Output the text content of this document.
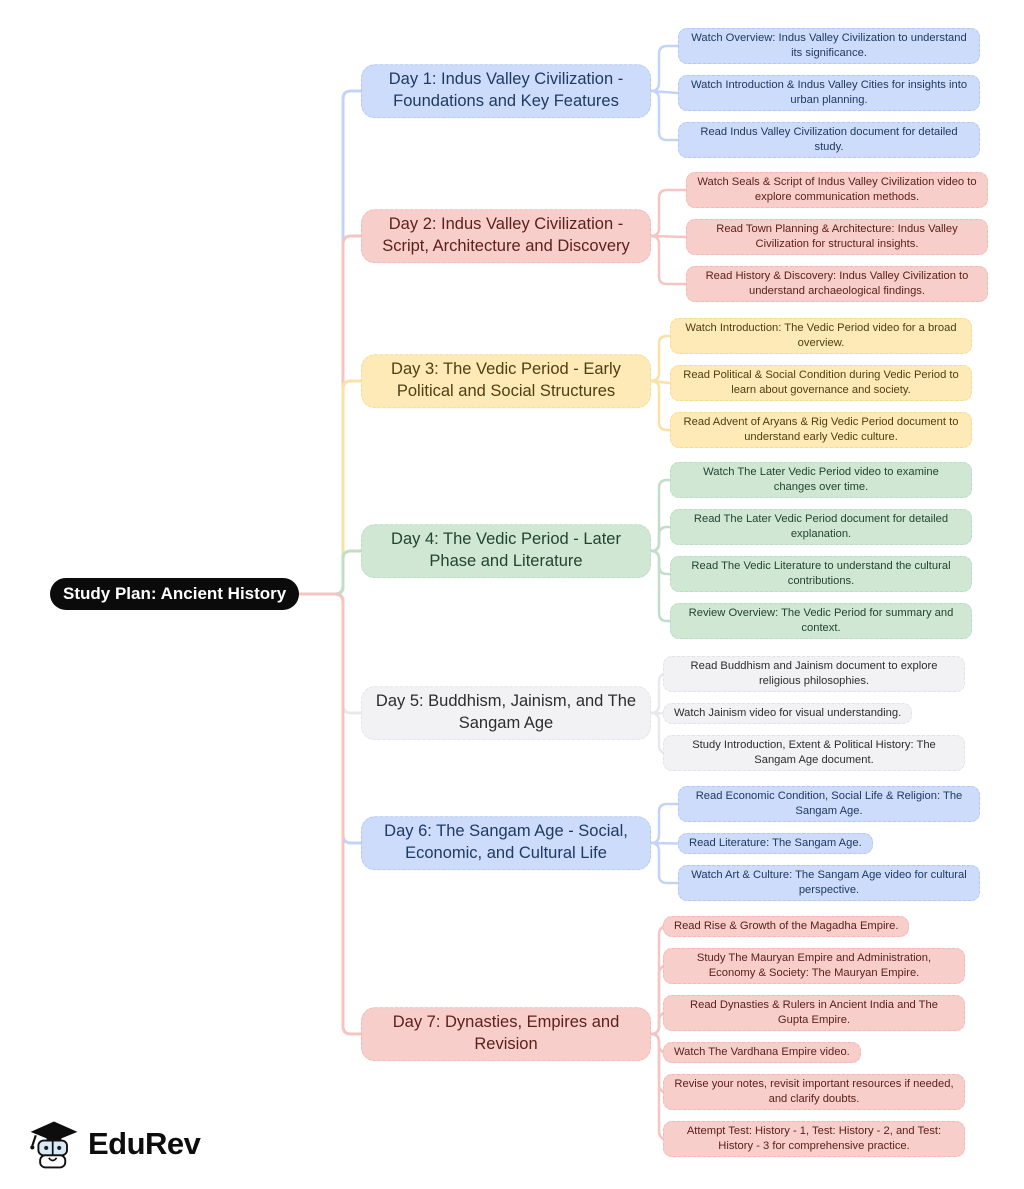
Study Plan: Ancient History
Day 1: Indus Valley Civilization - Foundations and Key Features
Watch Overview: Indus Valley Civilization to understand its significance.
Watch Introduction & Indus Valley Cities for insights into urban planning.
Read Indus Valley Civilization document for detailed study.
Day 2: Indus Valley Civilization - Script, Architecture and Discovery
Watch Seals & Script of Indus Valley Civilization video to explore communication methods.
Read Town Planning & Architecture: Indus Valley Civilization for structural insights.
Read History & Discovery: Indus Valley Civilization to understand archaeological findings.
Day 3: The Vedic Period - Early Political and Social Structures
Watch Introduction: The Vedic Period video for a broad overview.
Read Political & Social Condition during Vedic Period to learn about governance and society.
Read Advent of Aryans & Rig Vedic Period document to understand early Vedic culture.
Day 4: The Vedic Period - Later Phase and Literature
Watch The Later Vedic Period video to examine changes over time.
Read The Later Vedic Period document for detailed explanation.
Read The Vedic Literature to understand the cultural contributions.
Review Overview: The Vedic Period for summary and context.
Day 5: Buddhism, Jainism, and The Sangam Age
Read Buddhism and Jainism document to explore religious philosophies.
Watch Jainism video for visual understanding.
Study Introduction, Extent & Political History: The Sangam Age document.
Day 6: The Sangam Age - Social, Economic, and Cultural Life
Read Economic Condition, Social Life & Religion: The Sangam Age.
Read Literature: The Sangam Age.
Watch Art & Culture: The Sangam Age video for cultural perspective.
Day 7: Dynasties, Empires and Revision
Read Rise & Growth of the Magadha Empire.
Study The Mauryan Empire and Administration, Economy & Society: The Mauryan Empire.
Read Dynasties & Rulers in Ancient India and The Gupta Empire.
Watch The Vardhana Empire video.
Revise your notes, revisit important resources if needed, and clarify doubts.
Attempt Test: History - 1, Test: History - 2, and Test: History - 3 for comprehensive practice.
EduRev
